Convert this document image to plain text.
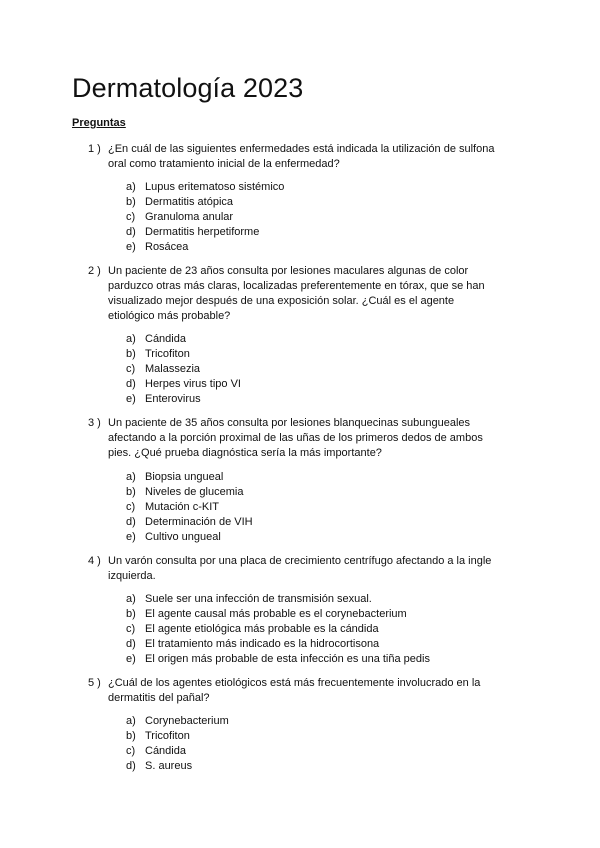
Dermatología 2023
Preguntas
1 ) ¿En cuál de las siguientes enfermedades está indicada la utilización de sulfona oral como tratamiento inicial de la enfermedad?
a) Lupus eritematoso sistémico
b) Dermatitis atópica
c) Granuloma anular
d) Dermatitis herpetiforme
e) Rosácea
2 ) Un paciente de 23 años consulta por lesiones maculares algunas de color parduzco otras más claras, localizadas preferentemente en tórax, que se han visualizado mejor después de una exposición solar. ¿Cuál es el agente etiológico más probable?
a) Cándida
b) Tricofiton
c) Malassezia
d) Herpes virus tipo VI
e) Enterovirus
3 ) Un paciente de 35 años consulta por lesiones blanquecinas subungueales afectando a la porción proximal de las uñas de los primeros dedos de ambos pies. ¿Qué prueba diagnóstica sería la más importante?
a) Biopsia ungueal
b) Niveles de glucemia
c) Mutación c-KIT
d) Determinación de VIH
e) Cultivo ungueal
4 ) Un varón consulta por una placa de crecimiento centrífugo afectando a la ingle izquierda.
a) Suele ser una infección de transmisión sexual.
b) El agente causal más probable es el corynebacterium
c) El agente etiológica más probable es la cándida
d) El tratamiento más indicado es la hidrocortisona
e) El origen más probable de esta infección es una tiña pedis
5 ) ¿Cuál de los agentes etiológicos está más frecuentemente involucrado en la dermatitis del pañal?
a) Corynebacterium
b) Tricofiton
c) Cándida
d) S. aureus
